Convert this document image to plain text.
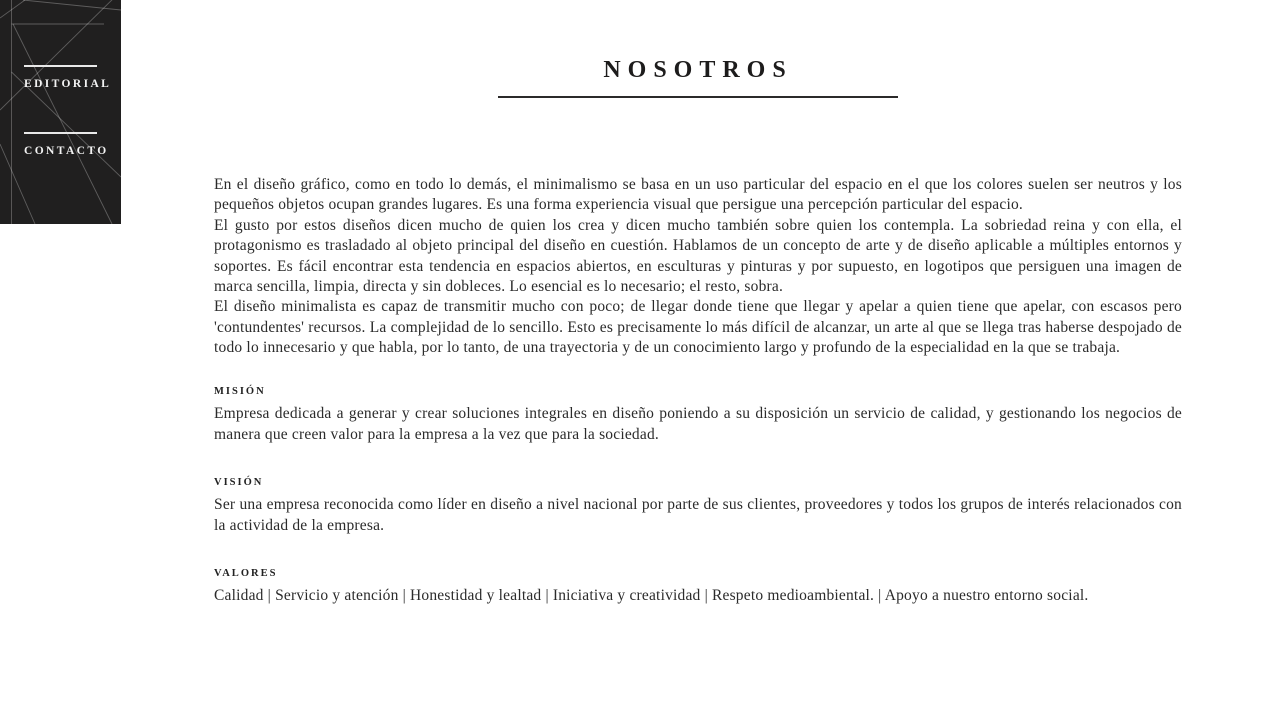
EDITORIAL
CONTACTO
NOSOTROS

En el diseño gráfico, como en todo lo demás, el minimalismo se basa en un uso particular del espacio en el que los colores suelen ser neutros y los pequeños objetos ocupan grandes lugares. Es una forma experiencia visual que persigue una percepción particular del espacio.

El gusto por estos diseños dicen mucho de quien los crea y dicen mucho también sobre quien los contempla. La sobriedad reina y con ella, el protagonismo es trasladado al objeto principal del diseño en cuestión. Hablamos de un concepto de arte y de diseño aplicable a múltiples entornos y soportes. Es fácil encontrar esta tendencia en espacios abiertos, en esculturas y pinturas y por supuesto, en logotipos que persiguen una imagen de marca sencilla, limpia, directa y sin dobleces. Lo esencial es lo necesario; el resto, sobra.

El diseño minimalista es capaz de transmitir mucho con poco; de llegar donde tiene que llegar y apelar a quien tiene que apelar, con escasos pero 'contundentes' recursos. La complejidad de lo sencillo. Esto es precisamente lo más difícil de alcanzar, un arte al que se llega tras haberse despojado de todo lo innecesario y que habla, por lo tanto, de una trayectoria y de un conocimiento largo y profundo de la especialidad en la que se trabaja.

MISIÓN

Empresa dedicada a generar y crear soluciones integrales en diseño poniendo a su disposición un servicio de calidad, y gestionando los negocios de manera que creen valor para la empresa a la vez que para la sociedad.

VISIÓN

Ser una empresa reconocida como líder en diseño a nivel nacional por parte de sus clientes, proveedores y todos los grupos de interés relacionados con la actividad de la empresa.

VALORES

Calidad | Servicio y atención | Honestidad y lealtad | Iniciativa y creatividad | Respeto medioambiental. | Apoyo a nuestro entorno social.
